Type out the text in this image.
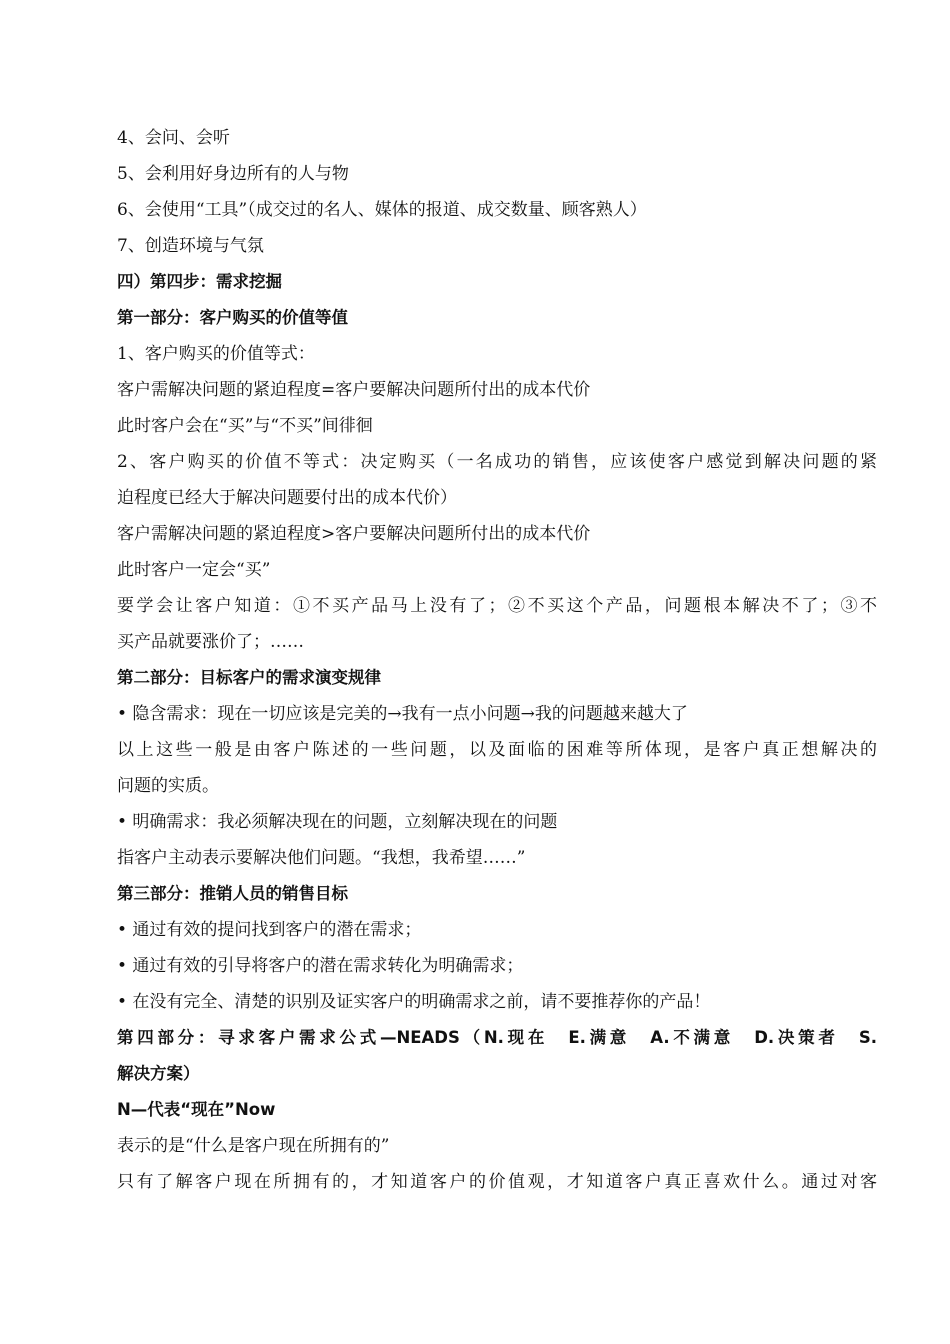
4、会问、会听
5、会利用好身边所有的人与物
6、会使用“工具”（成交过的名人、媒体的报道、成交数量、顾客熟人）
7、创造环境与气氛
四）第四步：需求挖掘
第一部分：客户购买的价值等值
1、客户购买的价值等式：
客户需解决问题的紧迫程度=客户要解决问题所付出的成本代价
此时客户会在“买”与“不买”间徘徊
2、客户购买的价值不等式：决定购买（一名成功的销售，应该使客户感觉到解决问题的紧
迫程度已经大于解决问题要付出的成本代价）
客户需解决问题的紧迫程度>客户要解决问题所付出的成本代价
此时客户一定会“买”
要学会让客户知道：①不买产品马上没有了；②不买这个产品，问题根本解决不了；③不
买产品就要涨价了；……
第二部分：目标客户的需求演变规律
• 隐含需求：现在一切应该是完美的→我有一点小问题→我的问题越来越大了
以上这些一般是由客户陈述的一些问题，以及面临的困难等所体现，是客户真正想解决的
问题的实质。
• 明确需求：我必须解决现在的问题，立刻解决现在的问题
指客户主动表示要解决他们问题。“我想，我希望……”
第三部分：推销人员的销售目标
• 通过有效的提问找到客户的潜在需求；
• 通过有效的引导将客户的潜在需求转化为明确需求；
• 在没有完全、清楚的识别及证实客户的明确需求之前，请不要推荐你的产品！
第四部分：寻求客户需求公式—NEADS（N.现在　E.满意　A.不满意　D.决策者　S.
解决方案）
N—代表“现在”Now
表示的是“什么是客户现在所拥有的”
只有了解客户现在所拥有的，才知道客户的价值观，才知道客户真正喜欢什么。通过对客
